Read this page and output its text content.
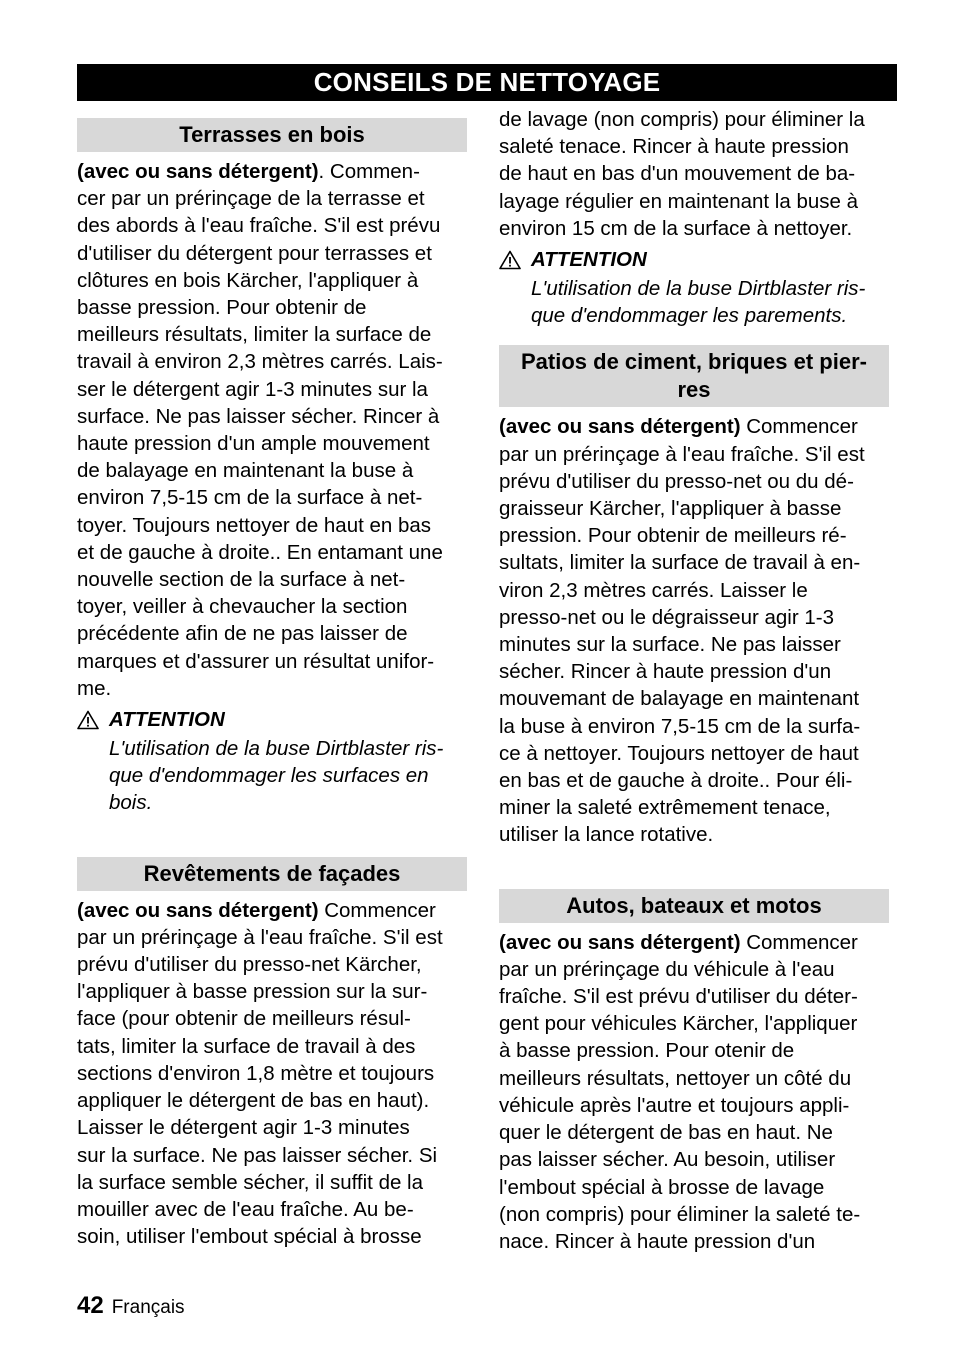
CONSEILS DE NETTOYAGE
Terrasses en bois

(avec ou sans détergent). Commen-
cer par un prérinçage de la terrasse et
des abords à l'eau fraîche. S'il est prévu
d'utiliser du détergent pour terrasses et
clôtures en bois Kärcher, l'appliquer à
basse pression. Pour obtenir de
meilleurs résultats, limiter la surface de
travail à environ 2,3 mètres carrés. Lais-
ser le détergent agir 1-3 minutes sur la
surface. Ne pas laisser sécher. Rincer à
haute pression d'un ample mouvement
de balayage en maintenant la buse à
environ 7,5-15 cm de la surface à net-
toyer. Toujours nettoyer de haut en bas
et de gauche à droite.. En entamant une
nouvelle section de la surface à net-
toyer, veiller à chevaucher la section
précédente afin de ne pas laisser de
marques et d'assurer un résultat unifor-
me.

ATTENTION
L'utilisation de la buse Dirtblaster ris-
que d'endommager les surfaces en
bois.
Revêtements de façades

(avec ou sans détergent) Commencer
par un prérinçage à l'eau fraîche. S'il est
prévu d'utiliser du presso-net Kärcher,
l'appliquer à basse pression sur la sur-
face (pour obtenir de meilleurs résul-
tats, limiter la surface de travail à des
sections d'environ 1,8 mètre et toujours
appliquer le détergent de bas en haut).
Laisser le détergent agir 1-3 minutes
sur la surface. Ne pas laisser sécher. Si
la surface semble sécher, il suffit de la
mouiller avec de l'eau fraîche. Au be-
soin, utiliser l'embout spécial à brosse

de lavage (non compris) pour éliminer la
saleté tenace. Rincer à haute pression
de haut en bas d'un mouvement de ba-
layage régulier en maintenant la buse à
environ 15 cm de la surface à nettoyer.

ATTENTION
L'utilisation de la buse Dirtblaster ris-
que d'endommager les parements.
Patios de ciment, briques et pier-
res

(avec ou sans détergent) Commencer
par un prérinçage à l'eau fraîche. S'il est
prévu d'utiliser du presso-net ou du dé-
graisseur Kärcher, l'appliquer à basse
pression. Pour obtenir de meilleurs ré-
sultats, limiter la surface de travail à en-
viron 2,3 mètres carrés. Laisser le
presso-net ou le dégraisseur agir 1-3
minutes sur la surface. Ne pas laisser
sécher. Rincer à haute pression d'un
mouvemant de balayage en maintenant
la buse à environ 7,5-15 cm de la surfa-
ce à nettoyer. Toujours nettoyer de haut
en bas et de gauche à droite.. Pour éli-
miner la saleté extrêmement tenace,
utiliser la lance rotative.

Autos, bateaux et motos

(avec ou sans détergent) Commencer
par un prérinçage du véhicule à l'eau
fraîche. S'il est prévu d'utiliser du déter-
gent pour véhicules Kärcher, l'appliquer
à basse pression. Pour otenir de
meilleurs résultats, nettoyer un côté du
véhicule après l'autre et toujours appli-
quer le détergent de bas en haut. Ne
pas laisser sécher. Au besoin, utiliser
l'embout spécial à brosse de lavage
(non compris) pour éliminer la saleté te-
nace. Rincer à haute pression d'un

42 Français
